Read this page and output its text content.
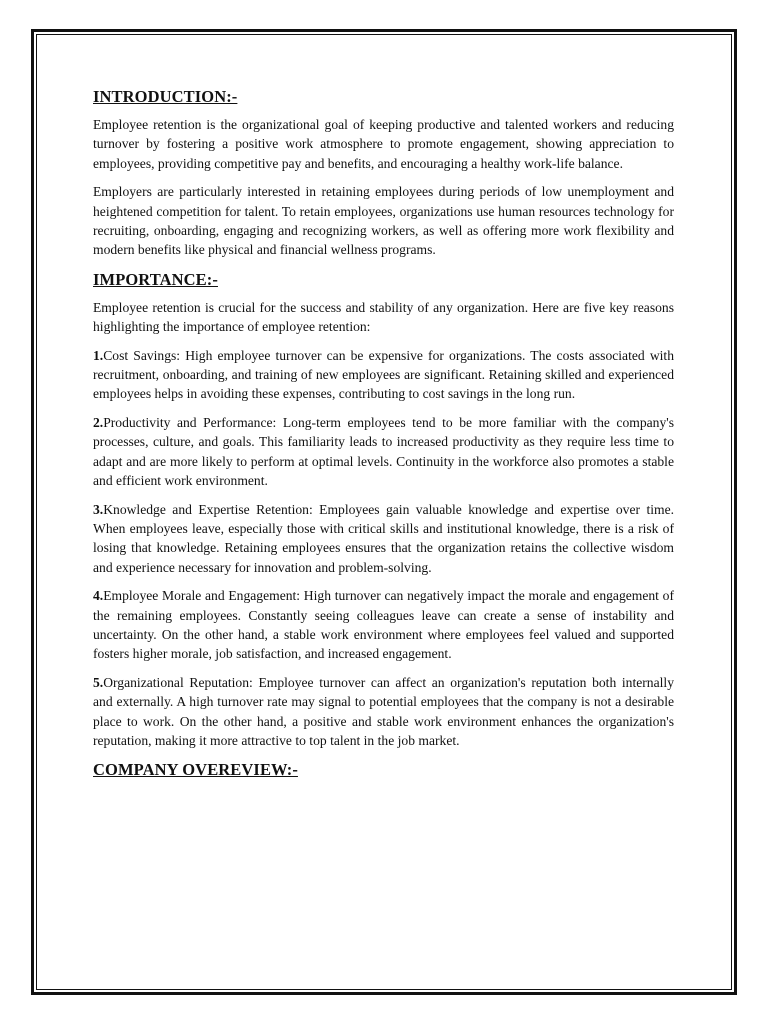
INTRODUCTION:-

Employee retention is the organizational goal of keeping productive and talented workers and reducing turnover by fostering a positive work atmosphere to promote engagement, showing appreciation to employees, providing competitive pay and benefits, and encouraging a healthy work-life balance.

Employers are particularly interested in retaining employees during periods of low unemployment and heightened competition for talent. To retain employees, organizations use human resources technology for recruiting, onboarding, engaging and recognizing workers, as well as offering more work flexibility and modern benefits like physical and financial wellness programs.

IMPORTANCE:-

Employee retention is crucial for the success and stability of any organization. Here are five key reasons highlighting the importance of employee retention:

1.Cost Savings: High employee turnover can be expensive for organizations. The costs associated with recruitment, onboarding, and training of new employees are significant. Retaining skilled and experienced employees helps in avoiding these expenses, contributing to cost savings in the long run.

2.Productivity and Performance: Long-term employees tend to be more familiar with the company's processes, culture, and goals. This familiarity leads to increased productivity as they require less time to adapt and are more likely to perform at optimal levels. Continuity in the workforce also promotes a stable and efficient work environment.

3.Knowledge and Expertise Retention: Employees gain valuable knowledge and expertise over time. When employees leave, especially those with critical skills and institutional knowledge, there is a risk of losing that knowledge. Retaining employees ensures that the organization retains the collective wisdom and experience necessary for innovation and problem-solving.

4.Employee Morale and Engagement: High turnover can negatively impact the morale and engagement of the remaining employees. Constantly seeing colleagues leave can create a sense of instability and uncertainty. On the other hand, a stable work environment where employees feel valued and supported fosters higher morale, job satisfaction, and increased engagement.

5.Organizational Reputation: Employee turnover can affect an organization's reputation both internally and externally. A high turnover rate may signal to potential employees that the company is not a desirable place to work. On the other hand, a positive and stable work environment enhances the organization's reputation, making it more attractive to top talent in the job market.

COMPANY OVEREVIEW:-
